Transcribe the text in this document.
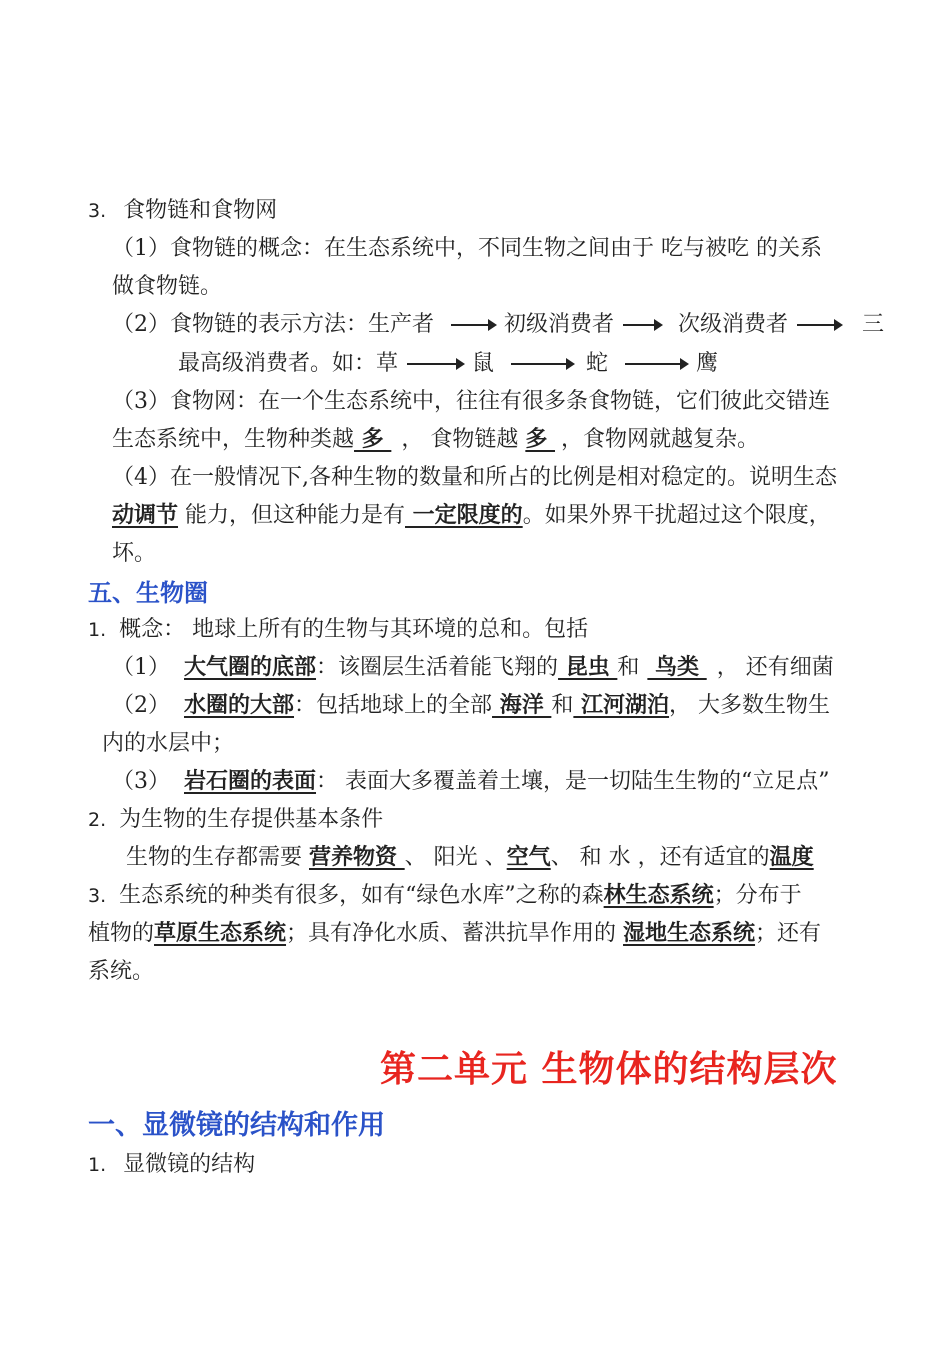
3. 食物链和食物网
（1）食物链的概念：在生态系统中，不同生物之间由于 吃与被吃 的关系
做食物链。
（2）食物链的表示方法：生产者	初级消费者	次级消费者	三
最高级消费者。如：草	鼠	蛇	鹰
（3）食物网：在一个生态系统中，往往有很多条食物链，它们彼此交错连
生态系统中，生物种类越 多 ， 食物链越 多 ，食物网就越复杂。
（4）在一般情况下,各种生物的数量和所占的比例是相对稳定的。说明生态
动调节 能力，但这种能力是有 一定限度的。如果外界干扰超过这个限度，
坏。
五、生物圈
1. 概念： 地球上所有的生物与其环境的总和。包括
（1） 大气圈的底部：该圈层生活着能飞翔的 昆虫 和 鸟类 ， 还有细菌
（2） 水圈的大部：包括地球上的全部 海洋 和 江河湖泊， 大多数生物生
内的水层中；
（3） 岩石圈的表面： 表面大多覆盖着土壤，是一切陆生生物的“立足点”
2. 为生物的生存提供基本条件
生物的生存都需要 营养物资 、 阳光 、空气、 和 水 ，还有适宜的温度
3. 生态系统的种类有很多，如有“绿色水库”之称的森林生态系统；分布于
植物的草原生态系统；具有净化水质、蓄洪抗旱作用的 湿地生态系统；还有
系统。
第二单元 生物体的结构层次
一、显微镜的结构和作用
1. 显微镜的结构
